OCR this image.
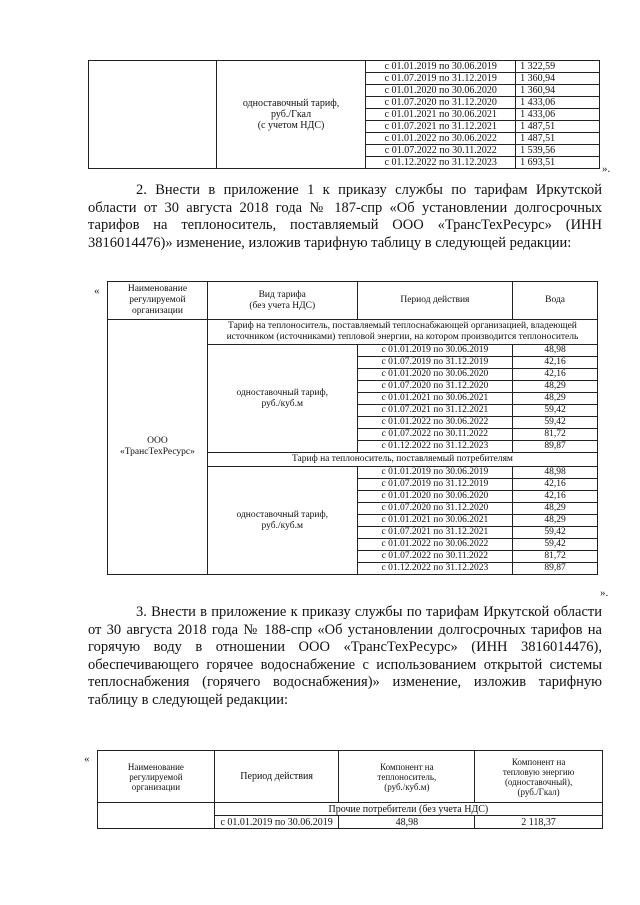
	одноставочный тариф,
руб./Гкал
(с учетом НДС)	с 01.01.2019 по 30.06.2019	1 322,59
		с 01.07.2019 по 31.12.2019	1 360,94
		с 01.01.2020 по 30.06.2020	1 360,94
		с 01.07.2020 по 31.12.2020	1 433,06
		с 01.01.2021 по 30.06.2021	1 433,06
		с 01.07.2021 по 31.12.2021	1 487,51
		с 01.01.2022 по 30.06.2022	1 487,51
		с 01.07.2022 по 30.11.2022	1 539,56
		с 01.12.2022 по 31.12.2023	1 693,51
».
2. Внести в приложение 1 к приказу службы по тарифам Иркутской области от 30 августа 2018 года № 187-спр «Об установлении долгосрочных тарифов на теплоноситель, поставляемый ООО «ТрансТехРесурс» (ИНН 3816014476)» изменение, изложив тарифную таблицу в следующей редакции:
«	Наименование
регулируемой
организации	Вид тарифа
(без учета НДС)	Период действия	Вода
ООО
«ТрансТехРесурс»	Тариф на теплоноситель, поставляемый теплоснабжающей организацией, владеющей источником (источниками) тепловой энергии, на котором производится теплоноситель		
	одноставочный тариф,
руб./куб.м	с 01.01.2019 по 30.06.2019	48,98
		с 01.07.2019 по 31.12.2019	42,16
		с 01.01.2020 по 30.06.2020	42,16
		с 01.07.2020 по 31.12.2020	48,29
		с 01.01.2021 по 30.06.2021	48,29
		с 01.07.2021 по 31.12.2021	59,42
		с 01.01.2022 по 30.06.2022	59,42
		с 01.07.2022 по 30.11.2022	81,72
		с 01.12.2022 по 31.12.2023	89,87
	Тариф на теплоноситель, поставляемый потребителям		
	одноставочный тариф,
руб./куб.м	с 01.01.2019 по 30.06.2019	48,98
		с 01.07.2019 по 31.12.2019	42,16
		с 01.01.2020 по 30.06.2020	42,16
		с 01.07.2020 по 31.12.2020	48,29
		с 01.01.2021 по 30.06.2021	48,29
		с 01.07.2021 по 31.12.2021	59,42
		с 01.01.2022 по 30.06.2022	59,42
		с 01.07.2022 по 30.11.2022	81,72
		с 01.12.2022 по 31.12.2023	89,87
».
3. Внести в приложение к приказу службы по тарифам Иркутской области от 30 августа 2018 года № 188-спр «Об установлении долгосрочных тарифов на горячую воду в отношении ООО «ТрансТехРесурс» (ИНН 3816014476), обеспечивающего горячее водоснабжение с использованием открытой системы теплоснабжения (горячего водоснабжения)» изменение, изложив тарифную таблицу в следующей редакции:
«
Наименование
регулируемой
организации	Период действия	Компонент на
теплоноситель,
(руб./куб.м)	Компонент на
тепловую энергию
(одноставочный),
(руб./Гкал)
	Прочие потребители (без учета НДС)		
	с 01.01.2019 по 30.06.2019	48,98	2 118,37
